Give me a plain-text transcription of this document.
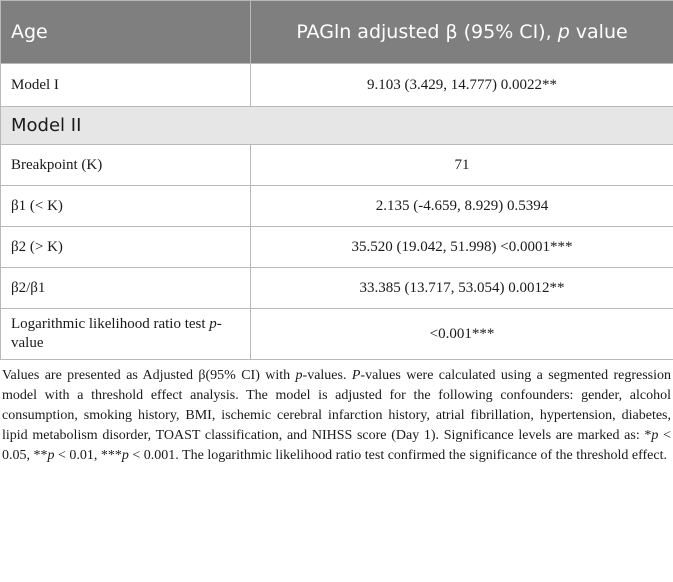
Age	PAGln adjusted β (95% CI), p value
Model I	9.103 (3.429, 14.777) 0.0022**
Model II	
Breakpoint (K)	71
β1 (< K)	2.135 (-4.659, 8.929) 0.5394
β2 (> K)	35.520 (19.042, 51.998) <0.0001***
β2/β1	33.385 (13.717, 53.054) 0.0012**
Logarithmic likelihood ratio test p-value	<0.001***
Values are presented as Adjusted β(95% CI) with p-values. P-values were calculated using a segmented regression model with a threshold effect analysis. The model is adjusted for the following confounders: gender, alcohol consumption, smoking history, BMI, ischemic cerebral infarction history, atrial fibrillation, hypertension, diabetes, lipid metabolism disorder, TOAST classification, and NIHSS score (Day 1). Significance levels are marked as: *p < 0.05, **p < 0.01, ***p < 0.001. The logarithmic likelihood ratio test confirmed the significance of the threshold effect.
